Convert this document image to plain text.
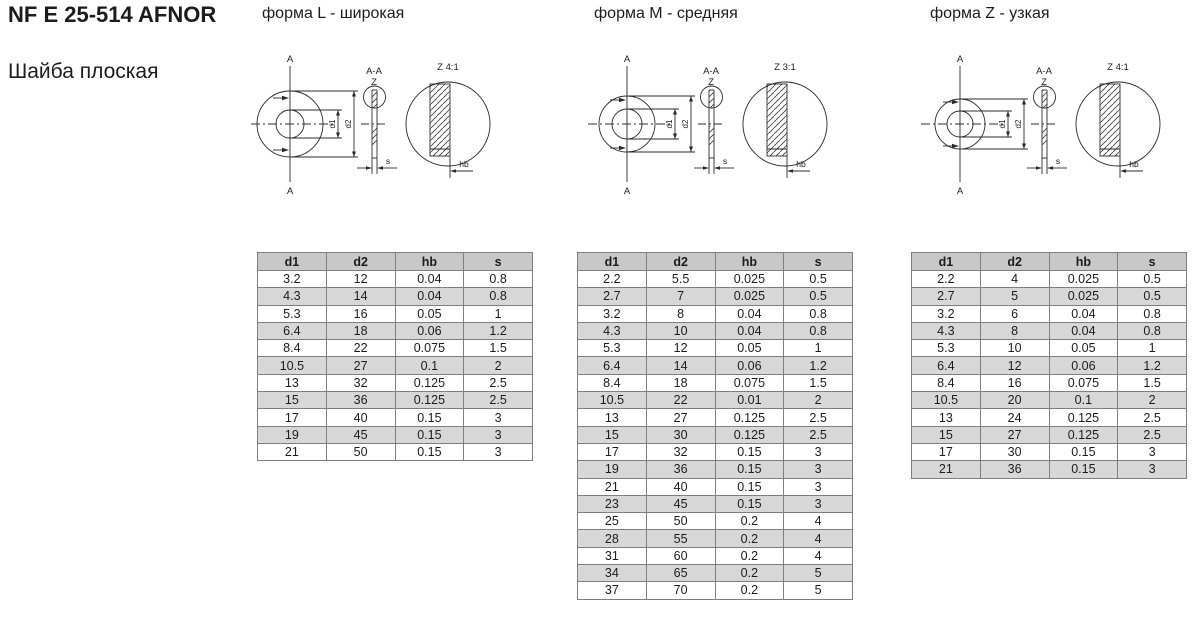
NF E 25-514 AFNOR
Шайба плоская
форма L - широкая	форма M - средняя	форма Z - узкая
A
A
A-A
Z
Z 4:1
s	hb
d1 d2
A
A
A-A
Z
Z 3:1
s	hb
d1 d2
A
A
A-A
Z
Z 4:1
s	hb
d1 d2
d1	d2	hb	s
3.2	12	0.04	0.8
4.3	14	0.04	0.8
5.3	16	0.05	1
6.4	18	0.06	1.2
8.4	22	0.075	1.5
10.5	27	0.1	2
13	32	0.125	2.5
15	36	0.125	2.5
17	40	0.15	3
19	45	0.15	3
21	50	0.15	3
d1	d2	hb	s
2.2	5.5	0.025	0.5
2.7	7	0.025	0.5
3.2	8	0.04	0.8
4.3	10	0.04	0.8
5.3	12	0.05	1
6.4	14	0.06	1.2
8.4	18	0.075	1.5
10.5	22	0.01	2
13	27	0.125	2.5
15	30	0.125	2.5
17	32	0.15	3
19	36	0.15	3
21	40	0.15	3
23	45	0.15	3
25	50	0.2	4
28	55	0.2	4
31	60	0.2	4
34	65	0.2	5
37	70	0.2	5
d1	d2	hb	s
2.2	4	0.025	0.5
2.7	5	0.025	0.5
3.2	6	0.04	0.8
4.3	8	0.04	0.8
5.3	10	0.05	1
6.4	12	0.06	1.2
8.4	16	0.075	1.5
10.5	20	0.1	2
13	24	0.125	2.5
15	27	0.125	2.5
17	30	0.15	3
21	36	0.15	3
